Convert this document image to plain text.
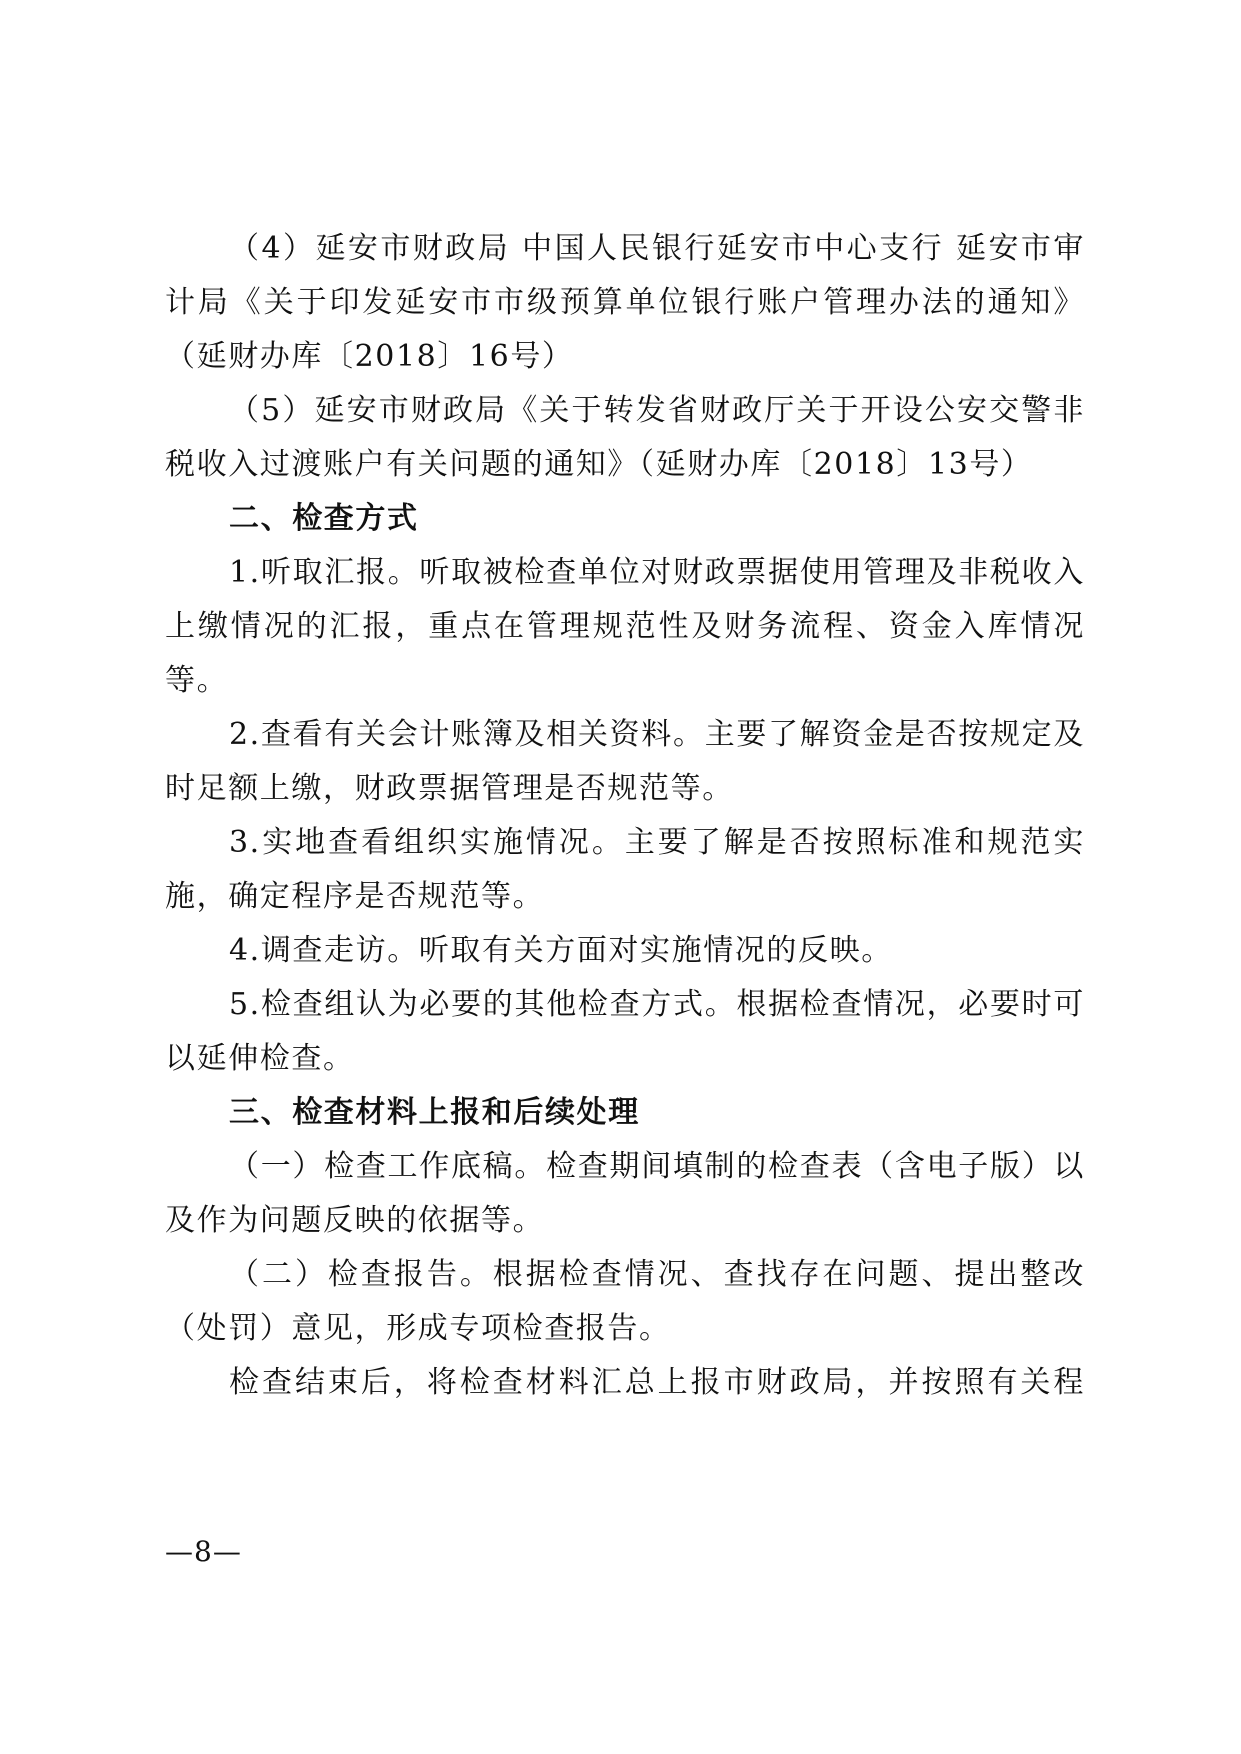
（4）延安市财政局 中国人民银行延安市中心支行 延安市审计局《关于印发延安市市级预算单位银行账户管理办法的通知》（延财办库〔2018〕16号）

（5）延安市财政局《关于转发省财政厅关于开设公安交警非税收入过渡账户有关问题的通知》（延财办库〔2018〕13号）

二、检查方式

1.听取汇报。听取被检查单位对财政票据使用管理及非税收入上缴情况的汇报，重点在管理规范性及财务流程、资金入库情况等。

2.查看有关会计账簿及相关资料。主要了解资金是否按规定及时足额上缴，财政票据管理是否规范等。

3.实地查看组织实施情况。主要了解是否按照标准和规范实施，确定程序是否规范等。

4.调查走访。听取有关方面对实施情况的反映。

5.检查组认为必要的其他检查方式。根据检查情况，必要时可以延伸检查。

三、检查材料上报和后续处理

（一）检查工作底稿。检查期间填制的检查表（含电子版）以及作为问题反映的依据等。

（二）检查报告。根据检查情况、查找存在问题、提出整改（处罚）意见，形成专项检查报告。

检查结束后，将检查材料汇总上报市财政局，并按照有关程

—8—
